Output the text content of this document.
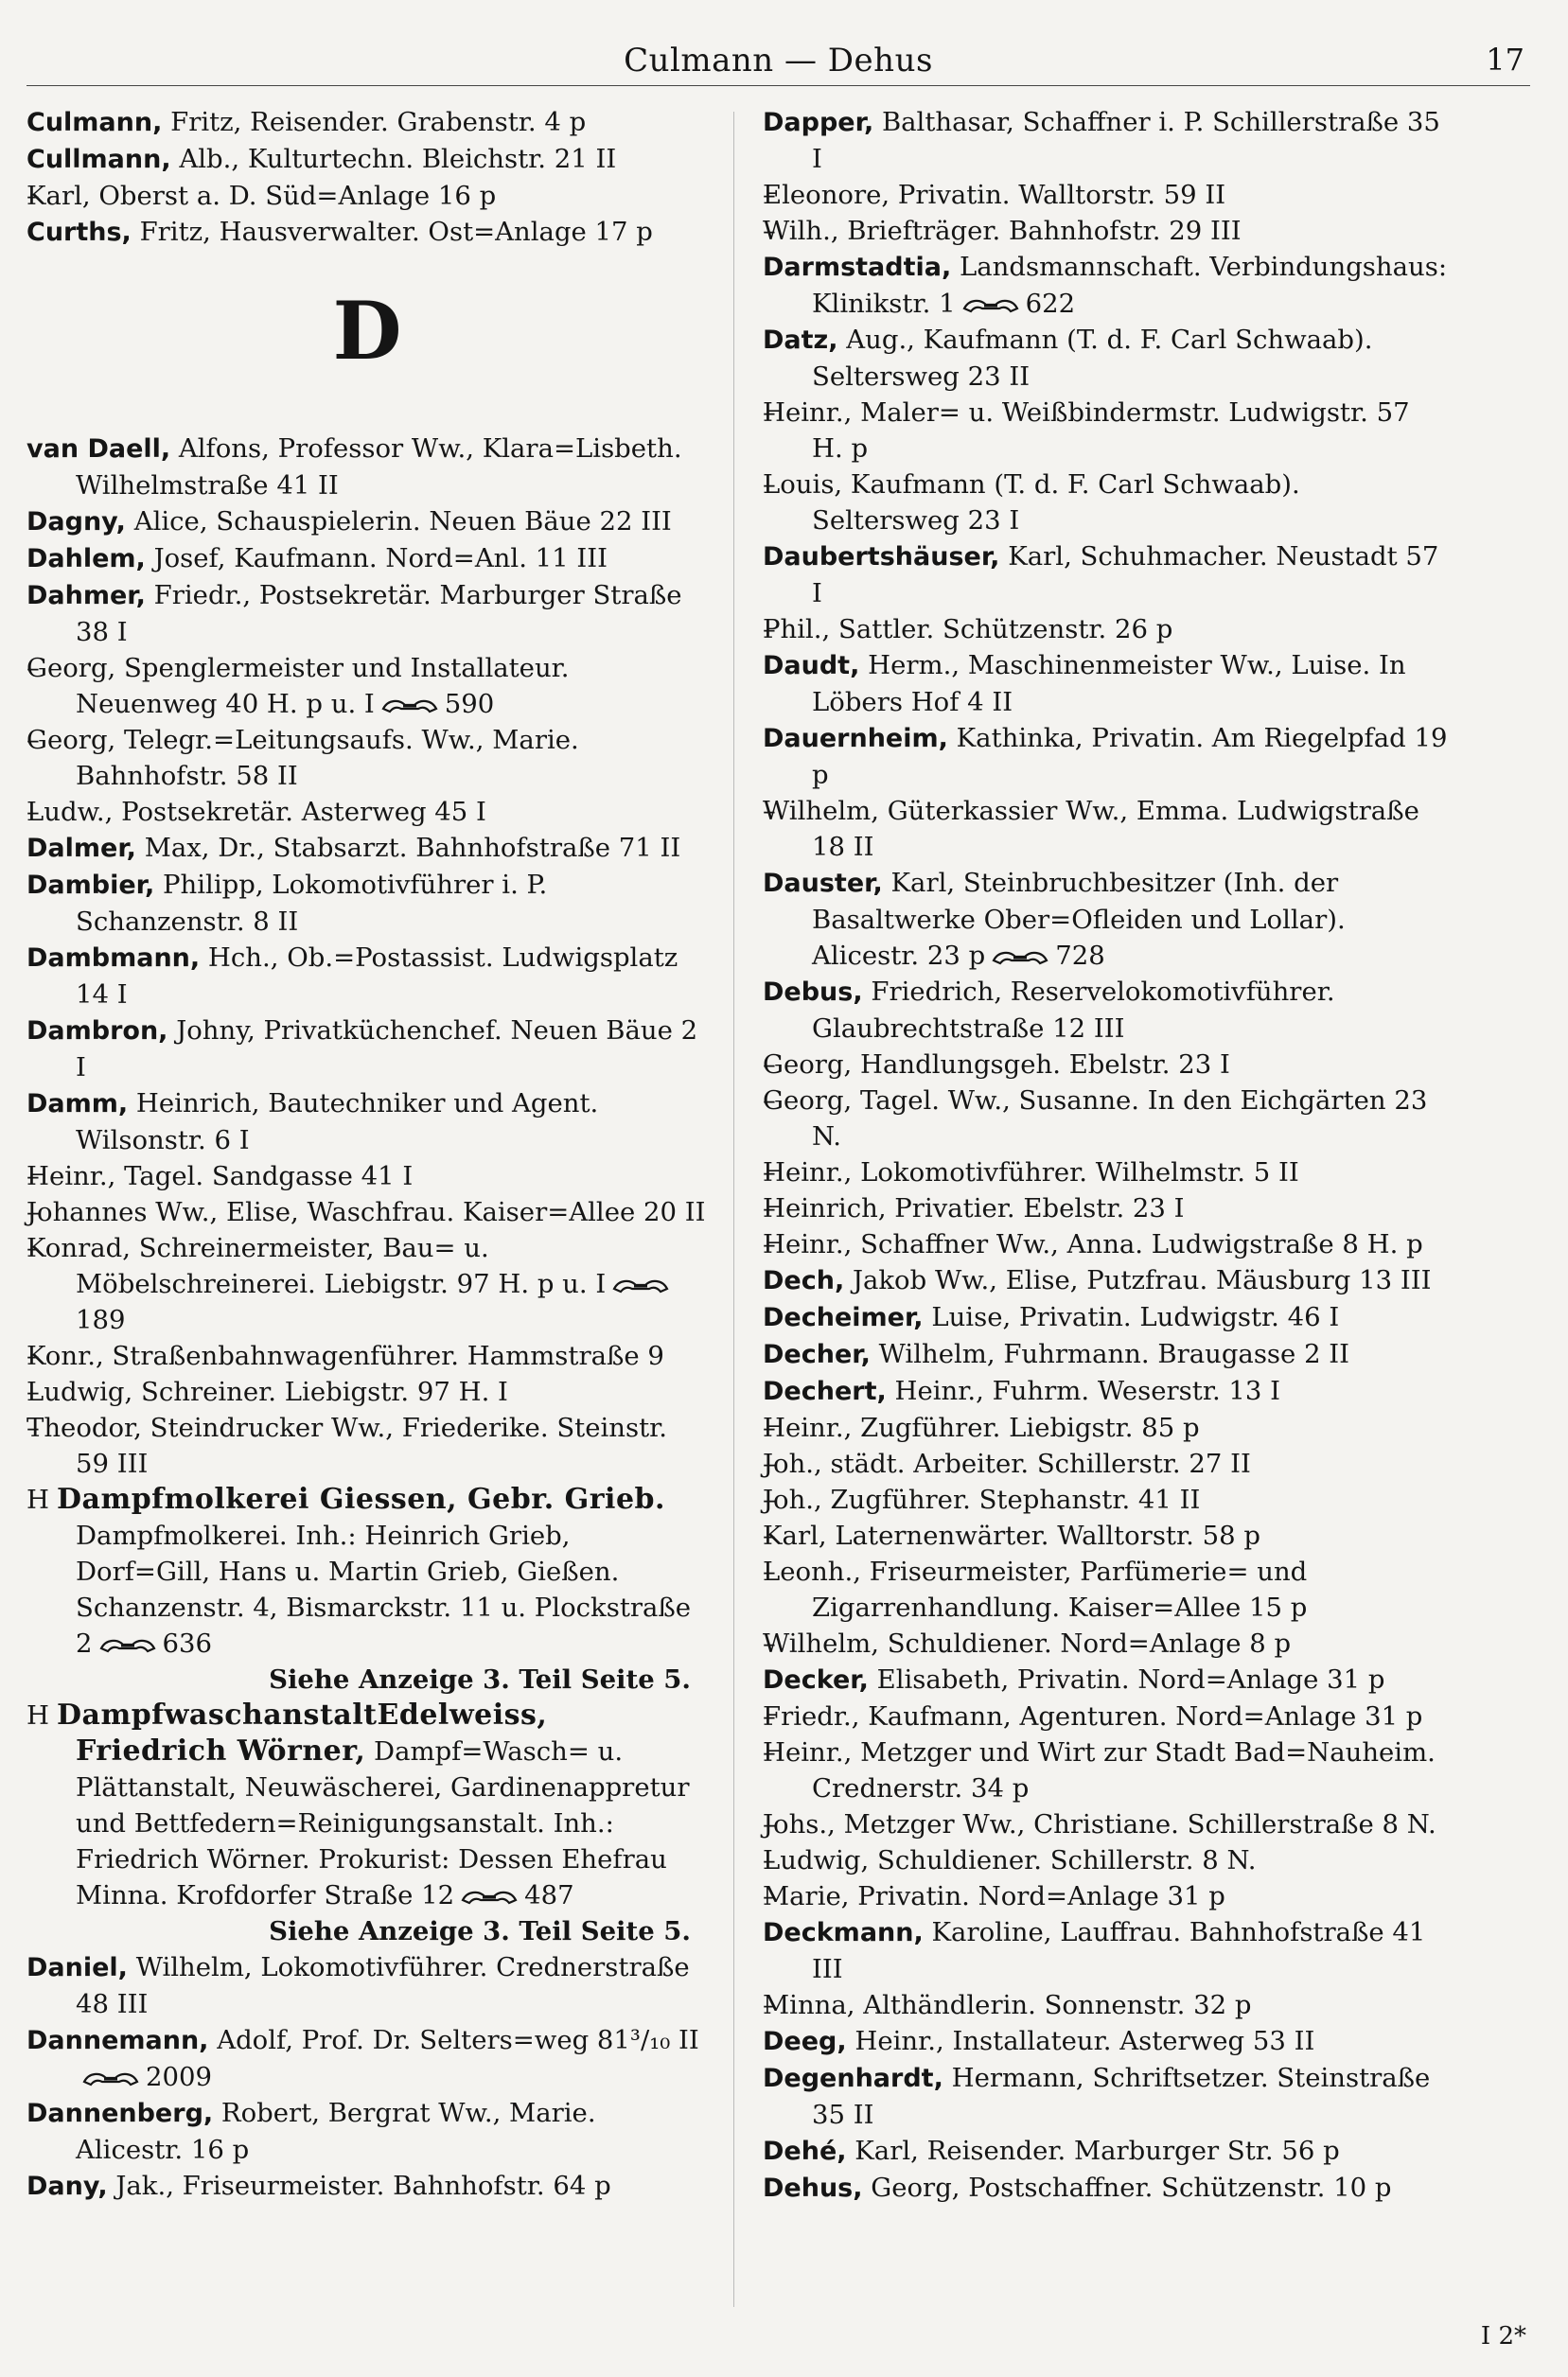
Culmann — Dehus	17
Culmann, Fritz, Reisender. Grabenstr. 4 p
Cullmann, Alb., Kulturtechn. Bleichstr. 21 II
Karl, Oberst a. D. Süd=Anlage 16 p
Curths, Fritz, Hausverwalter. Ost=Anlage 17 p
D
van Daell, Alfons, Professor Ww., Klara=Lisbeth. Wilhelmstraße 41 II
Dagny, Alice, Schauspielerin. Neuen Bäue 22 III
Dahlem, Josef, Kaufmann. Nord=Anl. 11 III
Dahmer, Friedr., Postsekretär. Marburger Straße 38 I
Georg, Spenglermeister und Installateur. Neuenweg 40 H. p u. I	590
Georg, Telegr.=Leitungsaufs. Ww., Marie. Bahnhofstr. 58 II
Ludw., Postsekretär. Asterweg 45 I
Dalmer, Max, Dr., Stabsarzt. Bahnhofstraße 71 II
Dambier, Philipp, Lokomotivführer i. P. Schanzenstr. 8 II
Dambmann, Hch., Ob.=Postassist. Ludwigsplatz 14 I
Dambron, Johny, Privatküchenchef. Neuen Bäue 2 I
Damm, Heinrich, Bautechniker und Agent. Wilsonstr. 6 I
Heinr., Tagel. Sandgasse 41 I
Johannes Ww., Elise, Waschfrau. Kaiser=Allee 20 II
Konrad, Schreinermeister, Bau= u. Möbelschreinerei. Liebigstr. 97 H. p u. I
189
Konr., Straßenbahnwagenführer. Hammstraße 9
Ludwig, Schreiner. Liebigstr. 97 H. I
Theodor, Steindrucker Ww., Friederike. Steinstr. 59 III
H Dampfmolkerei Giessen, Gebr. Grieb. Dampfmolkerei. Inh.: Heinrich Grieb, Dorf=Gill, Hans u. Martin Grieb, Gießen. Schanzenstr. 4, Bismarckstr. 11 u. Plockstraße 2	636
Siehe Anzeige 3. Teil Seite 5.
H DampfwaschanstaltEdelweiss, Friedrich Wörner, Dampf=Wasch= u. Plättanstalt, Neuwäscherei, Gardinenappretur und Bettfedern=Reinigungsanstalt. Inh.: Friedrich Wörner. Prokurist: Dessen Ehefrau Minna. Krofdorfer Straße 12	487
Siehe Anzeige 3. Teil Seite 5.
Daniel, Wilhelm, Lokomotivführer. Crednerstraße 48 III
Dannemann, Adolf, Prof. Dr. Selters=weg 81³/₁₀ II
2009
Dannenberg, Robert, Bergrat Ww., Marie. Alicestr. 16 p
Dany, Jak., Friseurmeister. Bahnhofstr. 64 p
Dapper, Balthasar, Schaffner i. P. Schillerstraße 35 I
Eleonore, Privatin. Walltorstr. 59 II
Wilh., Briefträger. Bahnhofstr. 29 III
Darmstadtia, Landsmannschaft. Verbindungshaus: Klinikstr. 1	622
Datz, Aug., Kaufmann (T. d. F. Carl Schwaab). Seltersweg 23 II
Heinr., Maler= u. Weißbindermstr. Ludwigstr. 57 H. p
Louis, Kaufmann (T. d. F. Carl Schwaab). Seltersweg 23 I
Daubertshäuser, Karl, Schuhmacher. Neustadt 57 I
Phil., Sattler. Schützenstr. 26 p
Daudt, Herm., Maschinenmeister Ww., Luise. In Löbers Hof 4 II
Dauernheim, Kathinka, Privatin. Am Riegelpfad 19 p
Wilhelm, Güterkassier Ww., Emma. Ludwigstraße 18 II
Dauster, Karl, Steinbruchbesitzer (Inh. der Basaltwerke Ober=Ofleiden und Lollar). Alicestr. 23 p	728
Debus, Friedrich, Reservelokomotivführer. Glaubrechtstraße 12 III
Georg, Handlungsgeh. Ebelstr. 23 I
Georg, Tagel. Ww., Susanne. In den Eichgärten 23 N.
Heinr., Lokomotivführer. Wilhelmstr. 5 II
Heinrich, Privatier. Ebelstr. 23 I
Heinr., Schaffner Ww., Anna. Ludwigstraße 8 H. p
Dech, Jakob Ww., Elise, Putzfrau. Mäusburg 13 III
Decheimer, Luise, Privatin. Ludwigstr. 46 I
Decher, Wilhelm, Fuhrmann. Braugasse 2 II
Dechert, Heinr., Fuhrm. Weserstr. 13 I
Heinr., Zugführer. Liebigstr. 85 p
Joh., städt. Arbeiter. Schillerstr. 27 II
Joh., Zugführer. Stephanstr. 41 II
Karl, Laternenwärter. Walltorstr. 58 p
Leonh., Friseurmeister, Parfümerie= und Zigarrenhandlung. Kaiser=Allee 15 p
Wilhelm, Schuldiener. Nord=Anlage 8 p
Decker, Elisabeth, Privatin. Nord=Anlage 31 p
Friedr., Kaufmann, Agenturen. Nord=Anlage 31 p
Heinr., Metzger und Wirt zur Stadt Bad=Nauheim. Crednerstr. 34 p
Johs., Metzger Ww., Christiane. Schillerstraße 8 N.
Ludwig, Schuldiener. Schillerstr. 8 N.
Marie, Privatin. Nord=Anlage 31 p
Deckmann, Karoline, Lauffrau. Bahnhofstraße 41 III
Minna, Althändlerin. Sonnenstr. 32 p
Deeg, Heinr., Installateur. Asterweg 53 II
Degenhardt, Hermann, Schriftsetzer. Steinstraße 35 II
Dehé, Karl, Reisender. Marburger Str. 56 p
Dehus, Georg, Postschaffner. Schützenstr. 10 p
I 2*
